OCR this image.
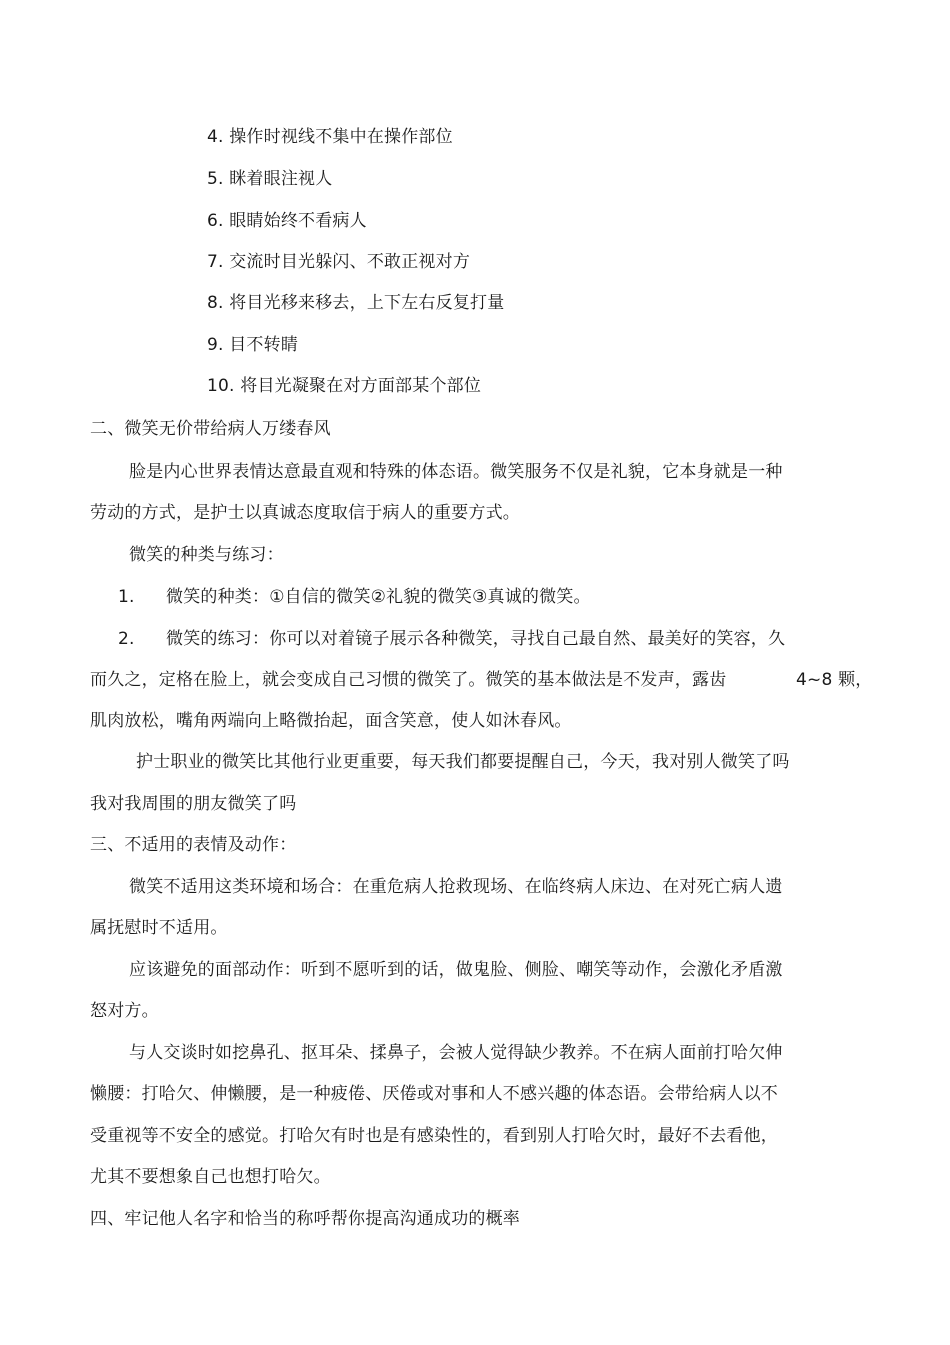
4. 操作时视线不集中在操作部位
5. 眯着眼注视人
6. 眼睛始终不看病人
7. 交流时目光躲闪、不敢正视对方
8. 将目光移来移去，上下左右反复打量
9. 目不转睛
10. 将目光凝聚在对方面部某个部位
二、微笑无价带给病人万缕春风
脸是内心世界表情达意最直观和特殊的体态语。微笑服务不仅是礼貌，它本身就是一种
劳动的方式，是护士以真诚态度取信于病人的重要方式。
微笑的种类与练习：
1. 微笑的种类：①自信的微笑②礼貌的微笑③真诚的微笑。
2. 微笑的练习：你可以对着镜子展示各种微笑，寻找自己最自然、最美好的笑容，久
而久之，定格在脸上，就会变成自己习惯的微笑了。微笑的基本做法是不发声，露齿	4~8 颗，
肌肉放松，嘴角两端向上略微抬起，面含笑意，使人如沐春风。
护士职业的微笑比其他行业更重要，每天我们都要提醒自己，今天，我对别人微笑了吗
我对我周围的朋友微笑了吗
三、不适用的表情及动作：
微笑不适用这类环境和场合：在重危病人抢救现场、在临终病人床边、在对死亡病人遗
属抚慰时不适用。
应该避免的面部动作：听到不愿听到的话，做鬼脸、侧脸、嘲笑等动作，会激化矛盾激
怒对方。
与人交谈时如挖鼻孔、抠耳朵、揉鼻子，会被人觉得缺少教养。不在病人面前打哈欠伸
懒腰：打哈欠、伸懒腰，是一种疲倦、厌倦或对事和人不感兴趣的体态语。会带给病人以不
受重视等不安全的感觉。打哈欠有时也是有感染性的，看到别人打哈欠时，最好不去看他，
尤其不要想象自己也想打哈欠。
四、牢记他人名字和恰当的称呼帮你提高沟通成功的概率
